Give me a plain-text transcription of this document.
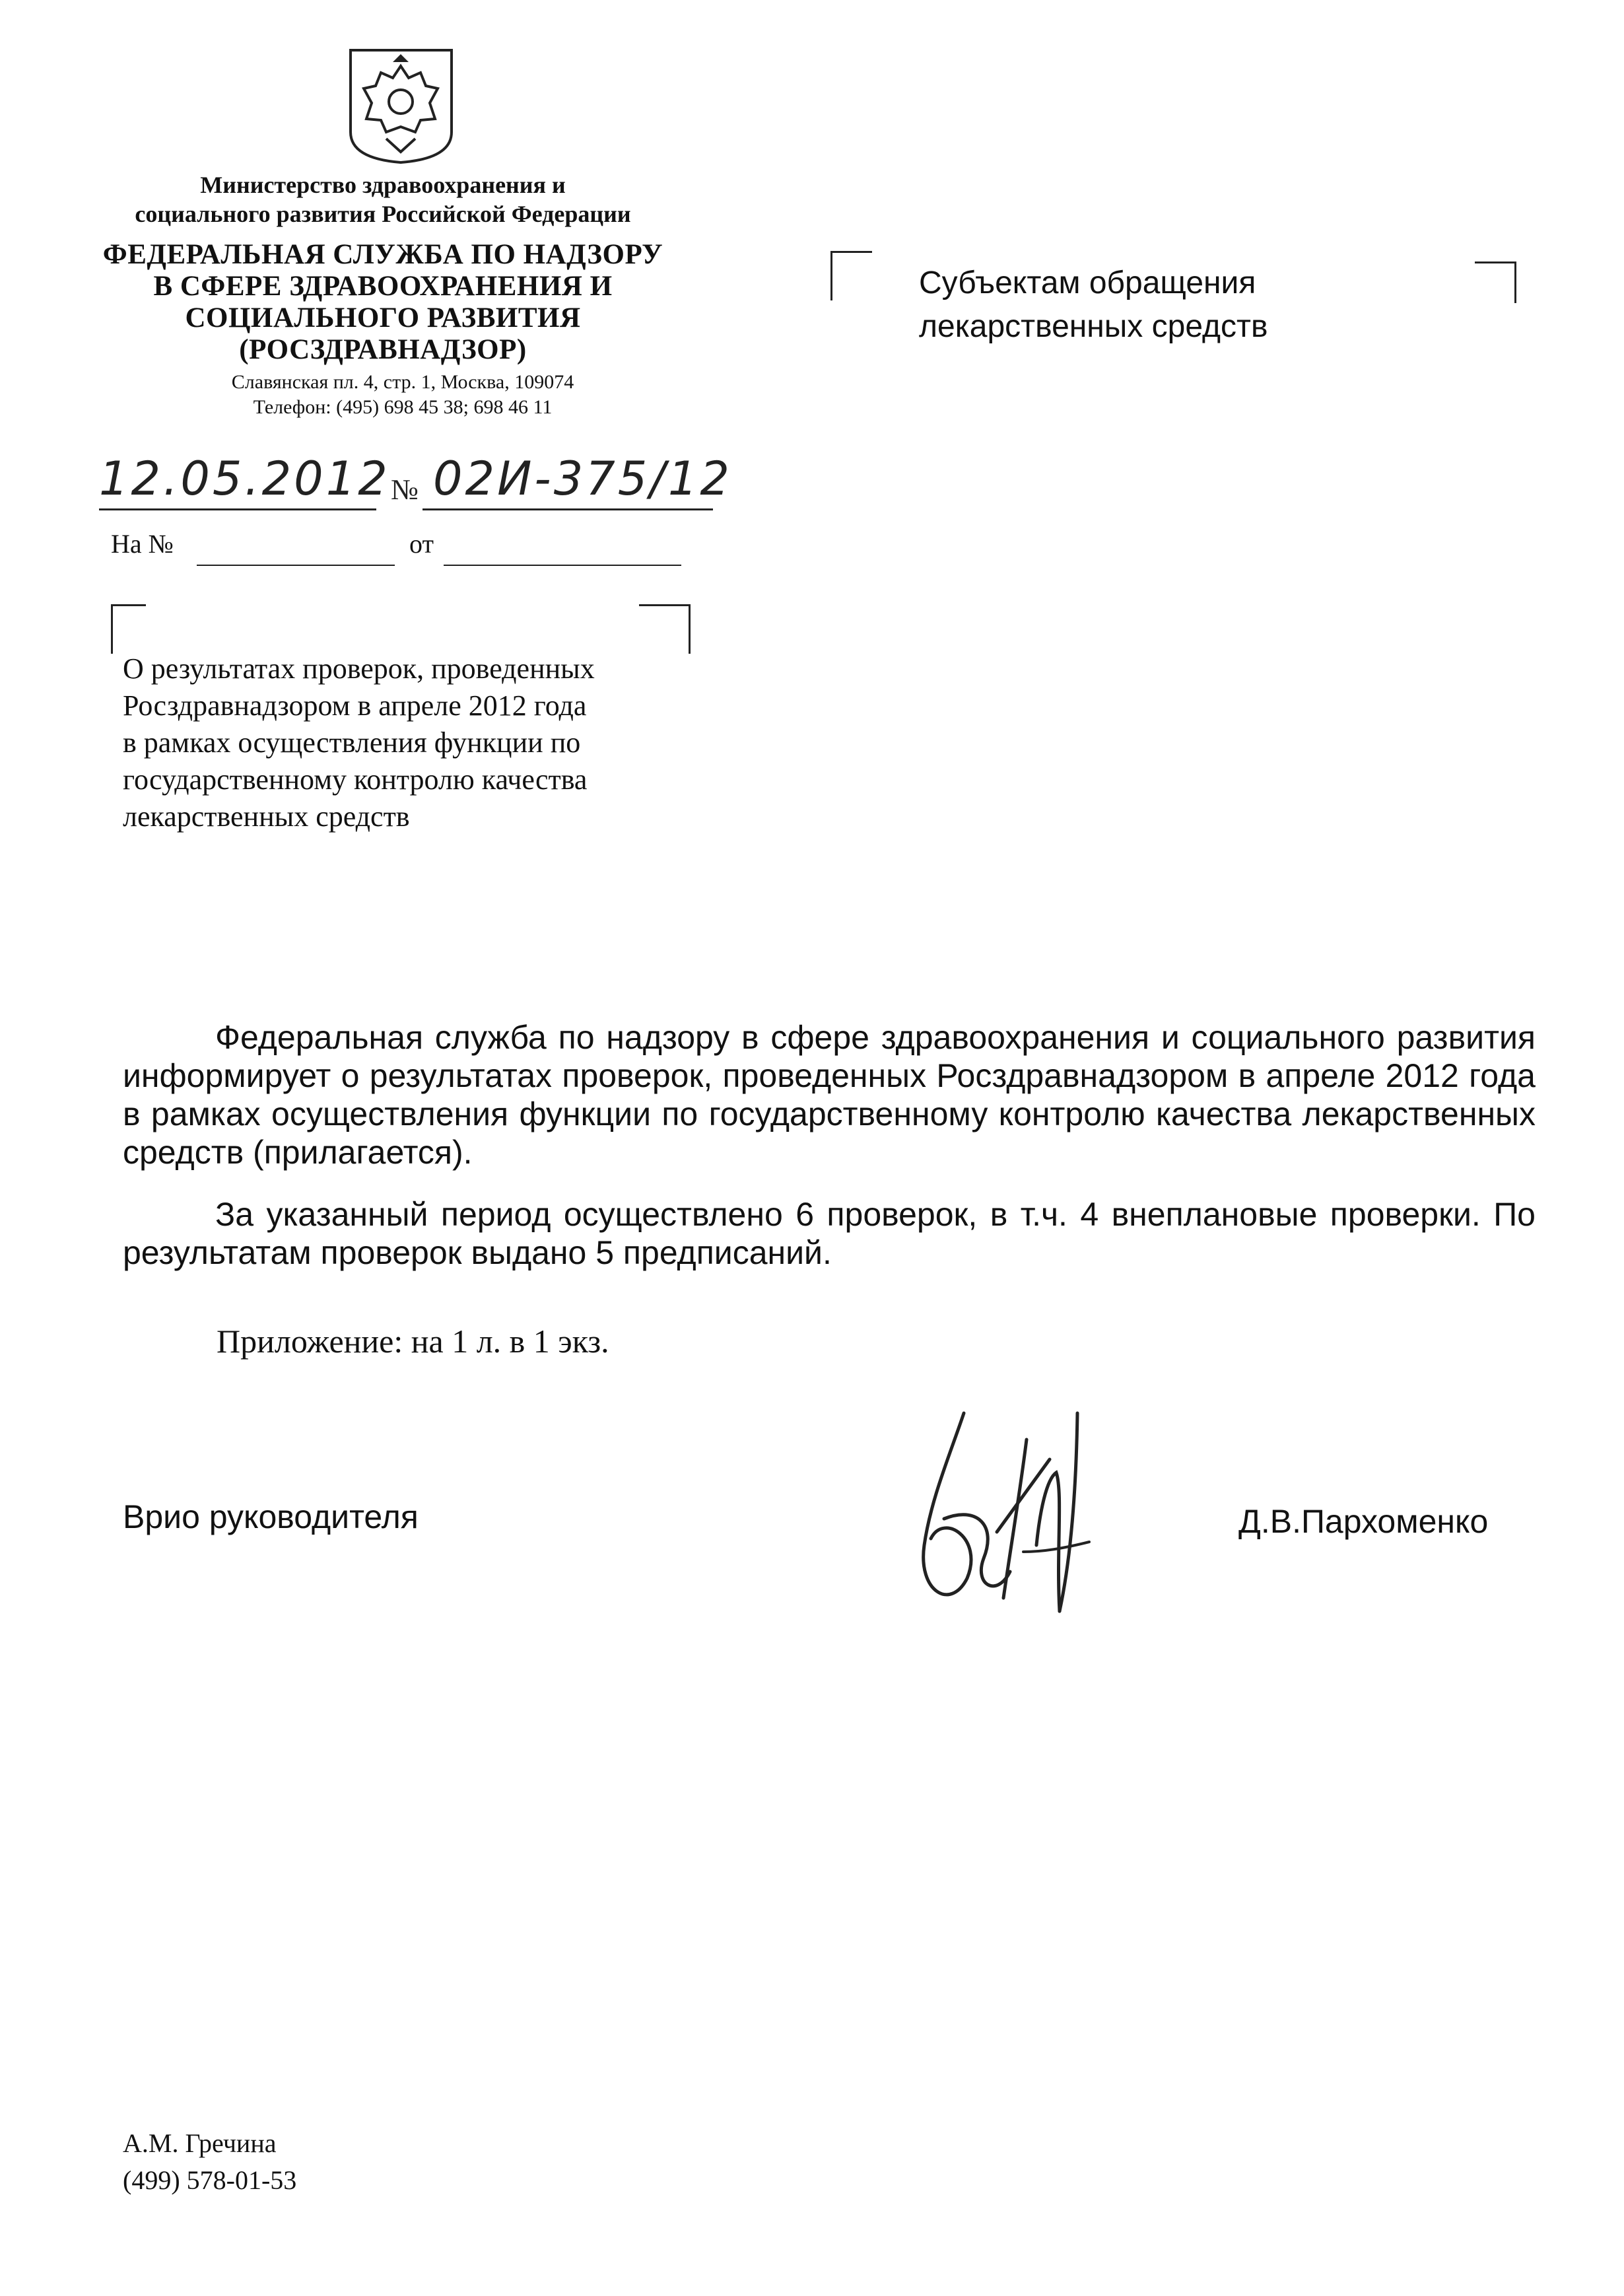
Министерство здравоохранения и
социального развития Российской Федерации
ФЕДЕРАЛЬНАЯ СЛУЖБА ПО НАДЗОРУ
В СФЕРЕ ЗДРАВООХРАНЕНИЯ И
СОЦИАЛЬНОГО РАЗВИТИЯ
(РОСЗДРАВНАДЗОР)
Славянская пл. 4, стр. 1, Москва, 109074
Телефон: (495) 698 45 38; 698 46 11
12.05.2012 № 02И-375/12
На №	от
Субъектам обращения
лекарственных средств
О результатах проверок, проведенных
Росздравнадзором в апреле 2012 года
в рамках осуществления функции по
государственному контролю качества
лекарственных средств
Федеральная служба по надзору в сфере здравоохранения и социального развития информирует о результатах проверок, проведенных Росздравнадзором в апреле 2012 года в рамках осуществления функции по государственному контролю качества лекарственных средств (прилагается).
За указанный период осуществлено 6 проверок, в т.ч. 4 внеплановые проверки. По результатам проверок выдано 5 предписаний.
Приложение: на 1 л. в 1 экз.
Врио руководителя	Д.В.Пархоменко
А.М. Гречина
(499) 578-01-53
